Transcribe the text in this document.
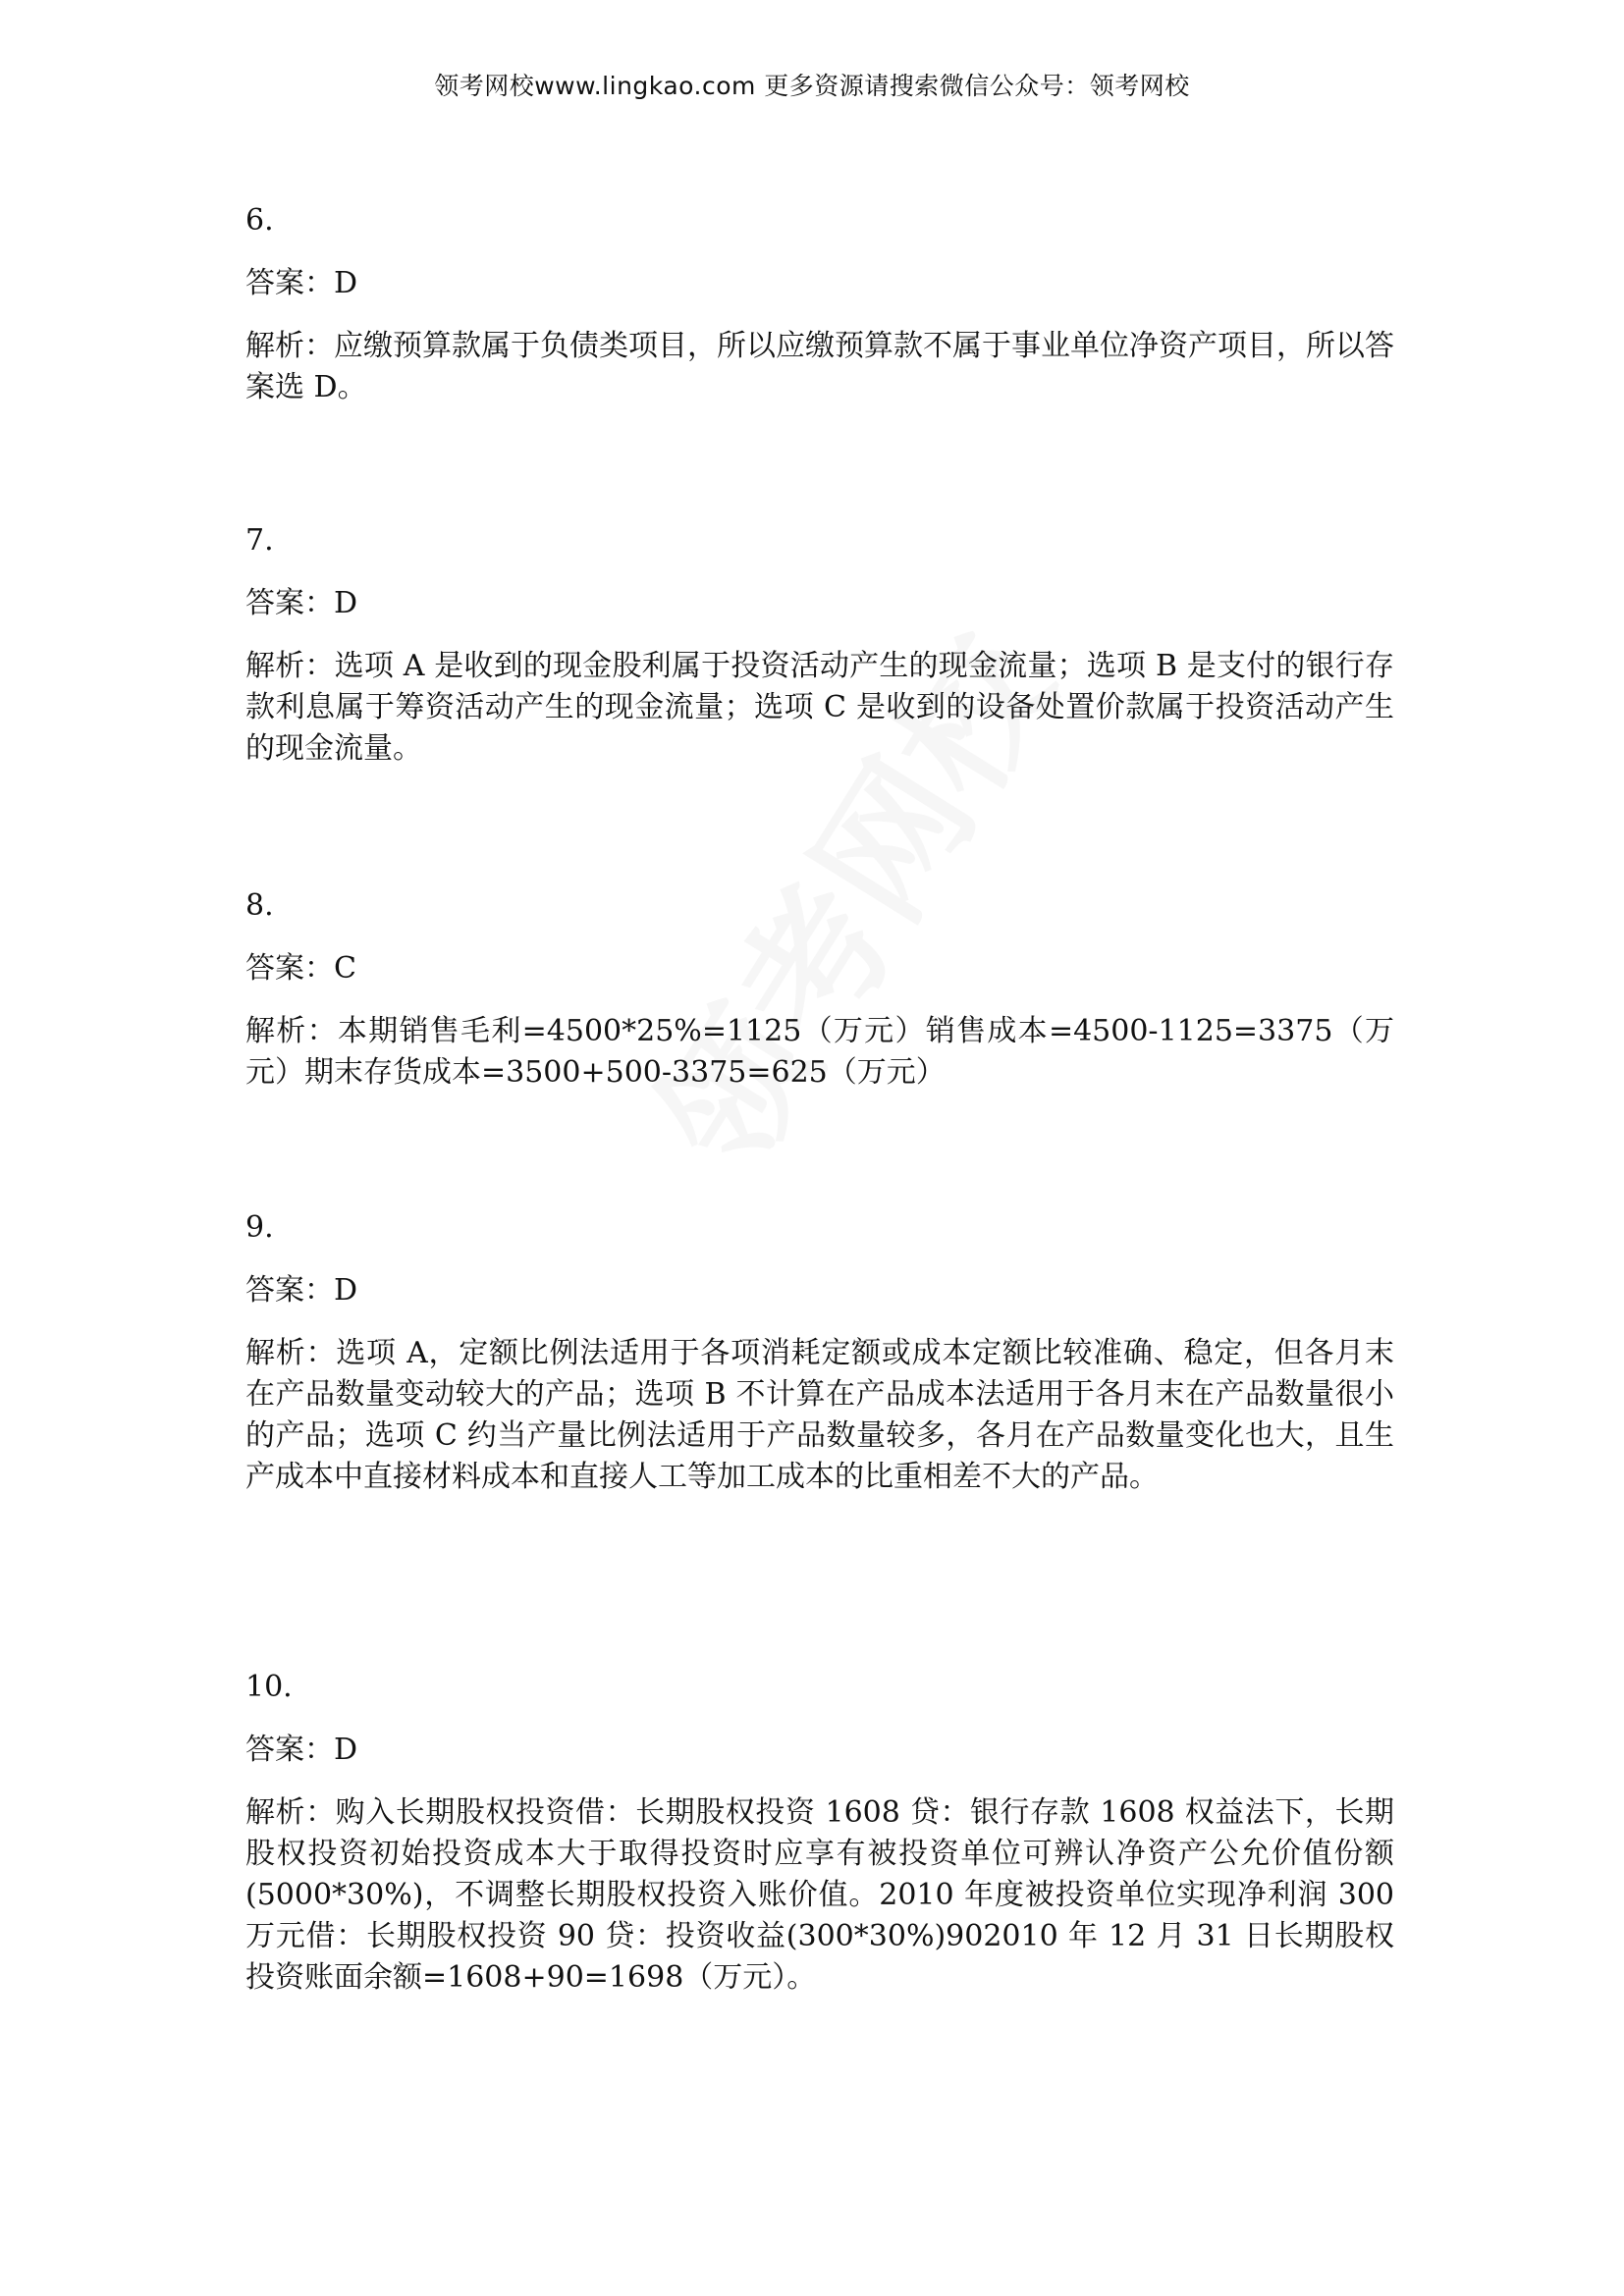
领考网校www.lingkao.com 更多资源请搜索微信公众号：领考网校

6.

答案：D

解析：应缴预算款属于负债类项目，所以应缴预算款不属于事业单位净资产项目，所以答案选 D。

7.

答案：D

解析：选项 A 是收到的现金股利属于投资活动产生的现金流量；选项 B 是支付的银行存款利息属于筹资活动产生的现金流量；选项 C 是收到的设备处置价款属于投资活动产生的现金流量。

8.

答案：C

解析：本期销售毛利=4500*25%=1125（万元）销售成本=4500-1125=3375（万元）期末存货成本=3500+500-3375=625（万元）

9.

答案：D

解析：选项 A，定额比例法适用于各项消耗定额或成本定额比较准确、稳定，但各月末在产品数量变动较大的产品；选项 B 不计算在产品成本法适用于各月末在产品数量很小的产品；选项 C 约当产量比例法适用于产品数量较多，各月在产品数量变化也大，且生产成本中直接材料成本和直接人工等加工成本的比重相差不大的产品。

10.

答案：D

解析：购入长期股权投资借：长期股权投资 1608 贷：银行存款 1608 权益法下，长期股权投资初始投资成本大于取得投资时应享有被投资单位可辨认净资产公允价值份额(5000*30%)，不调整长期股权投资入账价值。2010 年度被投资单位实现净利润 300 万元借：长期股权投资 90 贷：投资收益(300*30%)902010 年 12 月 31 日长期股权投资账面余额=1608+90=1698（万元）。
